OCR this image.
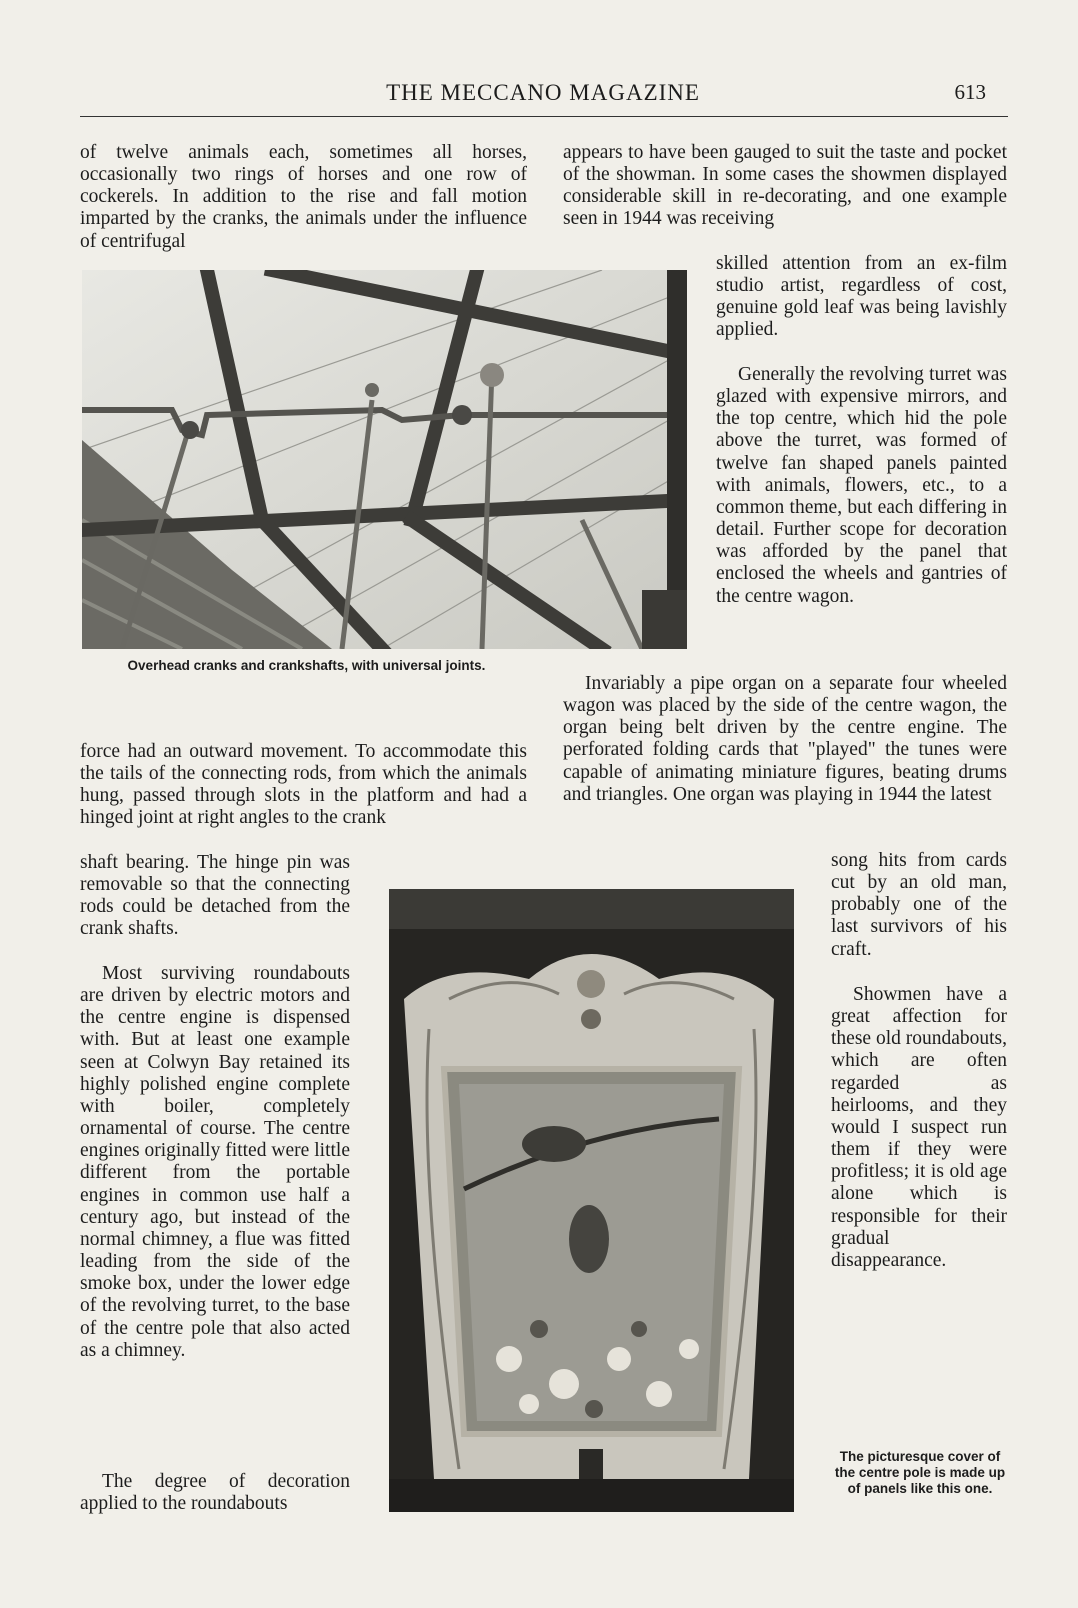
THE MECCANO MAGAZINE	613

of twelve animals each, sometimes all horses, occasionally two rings of horses and one row of cockerels. In addition to the rise and fall motion imparted by the cranks, the animals under the influence of centrifugal

Overhead cranks and crankshafts, with universal joints.

force had an outward movement. To accommodate this the tails of the connecting rods, from which the animals hung, passed through slots in the platform and had a hinged joint at right angles to the crank

shaft bearing. The hinge pin was removable so that the connecting rods could be detached from the crank shafts.

Most surviving roundabouts are driven by electric motors and the centre engine is dispensed with. But at least one example seen at Colwyn Bay retained its highly polished engine complete with boiler, completely ornamental of course. The centre engines originally fitted were little different from the portable engines in common use half a century ago, but instead of the normal chimney, a flue was fitted leading from the side of the smoke box, under the lower edge of the revolving turret, to the base of the centre pole that also acted as a chimney.

The degree of decoration applied to the roundabouts

appears to have been gauged to suit the taste and pocket of the showman. In some cases the showmen displayed considerable skill in re-decorating, and one example seen in 1944 was receiving

skilled attention from an ex-film studio artist, regardless of cost, genuine gold leaf was being lavishly applied.

Generally the revolving turret was glazed with expensive mirrors, and the top centre, which hid the pole above the turret, was formed of twelve fan shaped panels painted with animals, flowers, etc., to a common theme, but each differing in detail. Further scope for decoration was afforded by the panel that enclosed the wheels and gantries of the centre wagon.

Invariably a pipe organ on a separate four wheeled wagon was placed by the side of the centre wagon, the organ being belt driven by the centre engine. The perforated folding cards that "played" the tunes were capable of animating miniature figures, beating drums and triangles. One organ was playing in 1944 the latest

song hits from cards cut by an old man, probably one of the last survivors of his craft.

Showmen have a great affection for these old roundabouts, which are often regarded as heirlooms, and they would I suspect run them if they were profitless; it is old age alone which is responsible for their gradual disappearance.

The picturesque cover of the centre pole is made up of panels like this one.
